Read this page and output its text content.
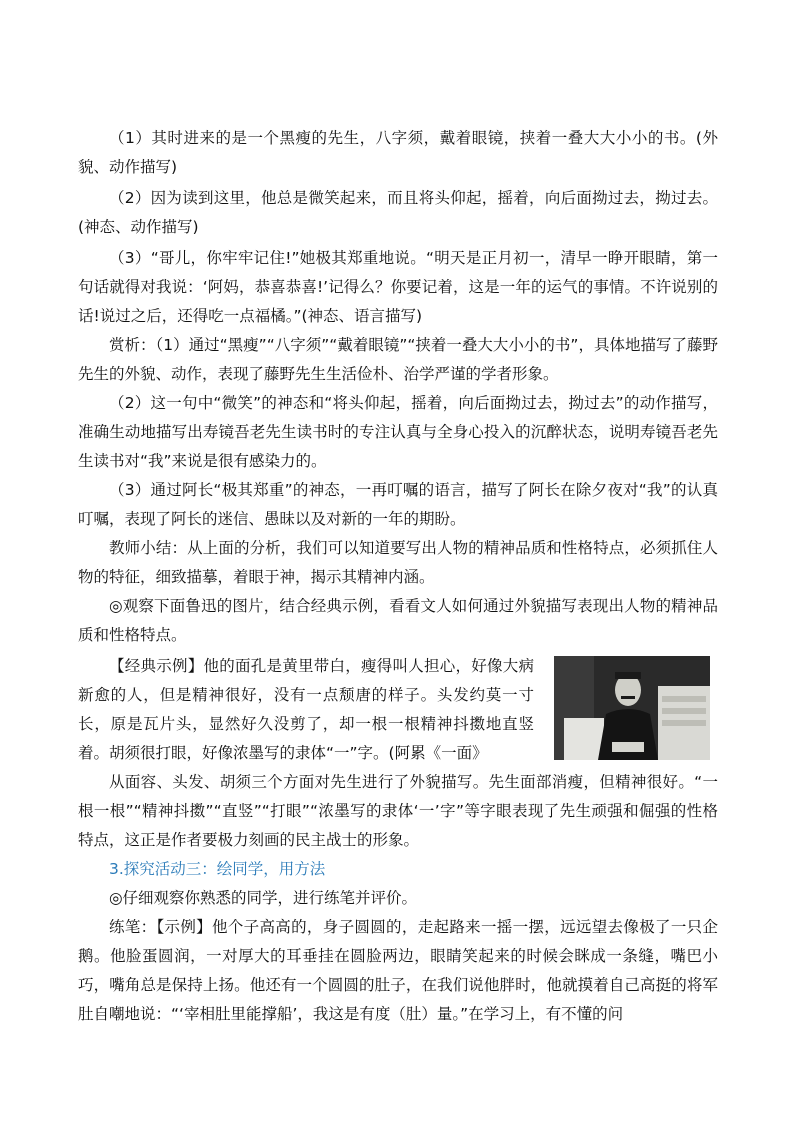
（1）其时进来的是一个黑瘦的先生，八字须，戴着眼镜，挟着一叠大大小小的书。(外貌、动作描写)

（2）因为读到这里，他总是微笑起来，而且将头仰起，摇着，向后面拗过去，拗过去。(神态、动作描写)

（3）“哥儿，你牢牢记住!”她极其郑重地说。“明天是正月初一，清早一睁开眼睛，第一句话就得对我说：‘阿妈，恭喜恭喜!’记得么？你要记着，这是一年的运气的事情。不许说别的话!说过之后，还得吃一点福橘。”(神态、语言描写)

赏析：（1）通过“黑瘦”“八字须”“戴着眼镜”“挟着一叠大大小小的书”，具体地描写了藤野先生的外貌、动作，表现了藤野先生生活俭朴、治学严谨的学者形象。

（2）这一句中“微笑”的神态和“将头仰起，摇着，向后面拗过去，拗过去”的动作描写，准确生动地描写出寿镜吾老先生读书时的专注认真与全身心投入的沉醉状态，说明寿镜吾老先生读书对“我”来说是很有感染力的。

（3）通过阿长“极其郑重”的神态，一再叮嘱的语言，描写了阿长在除夕夜对“我”的认真叮嘱，表现了阿长的迷信、愚昧以及对新的一年的期盼。

教师小结：从上面的分析，我们可以知道要写出人物的精神品质和性格特点，必须抓住人物的特征，细致描摹，着眼于神，揭示其精神内涵。

◎观察下面鲁迅的图片，结合经典示例，看看文人如何通过外貌描写表现出人物的精神品质和性格特点。

【经典示例】他的面孔是黄里带白，瘦得叫人担心，好像大病新愈的人，但是精神很好，没有一点颓唐的样子。头发约莫一寸长，原是瓦片头，显然好久没剪了，却一根一根精神抖擞地直竖着。胡须很打眼，好像浓墨写的隶体“一”字。(阿累《一面》

从面容、头发、胡须三个方面对先生进行了外貌描写。先生面部消瘦，但精神很好。“一根一根”“精神抖擞”“直竖”“打眼”“浓墨写的隶体‘一’字”等字眼表现了先生顽强和倔强的性格特点，这正是作者要极力刻画的民主战士的形象。

3.探究活动三：绘同学，用方法

◎仔细观察你熟悉的同学，进行练笔并评价。

练笔：【示例】他个子高高的，身子圆圆的，走起路来一摇一摆，远远望去像极了一只企鹅。他脸蛋圆润，一对厚大的耳垂挂在圆脸两边，眼睛笑起来的时候会眯成一条缝，嘴巴小巧，嘴角总是保持上扬。他还有一个圆圆的肚子，在我们说他胖时，他就摸着自己高挺的将军肚自嘲地说：“‘宰相肚里能撑船’，我这是有度（肚）量。”在学习上，有不懂的问
